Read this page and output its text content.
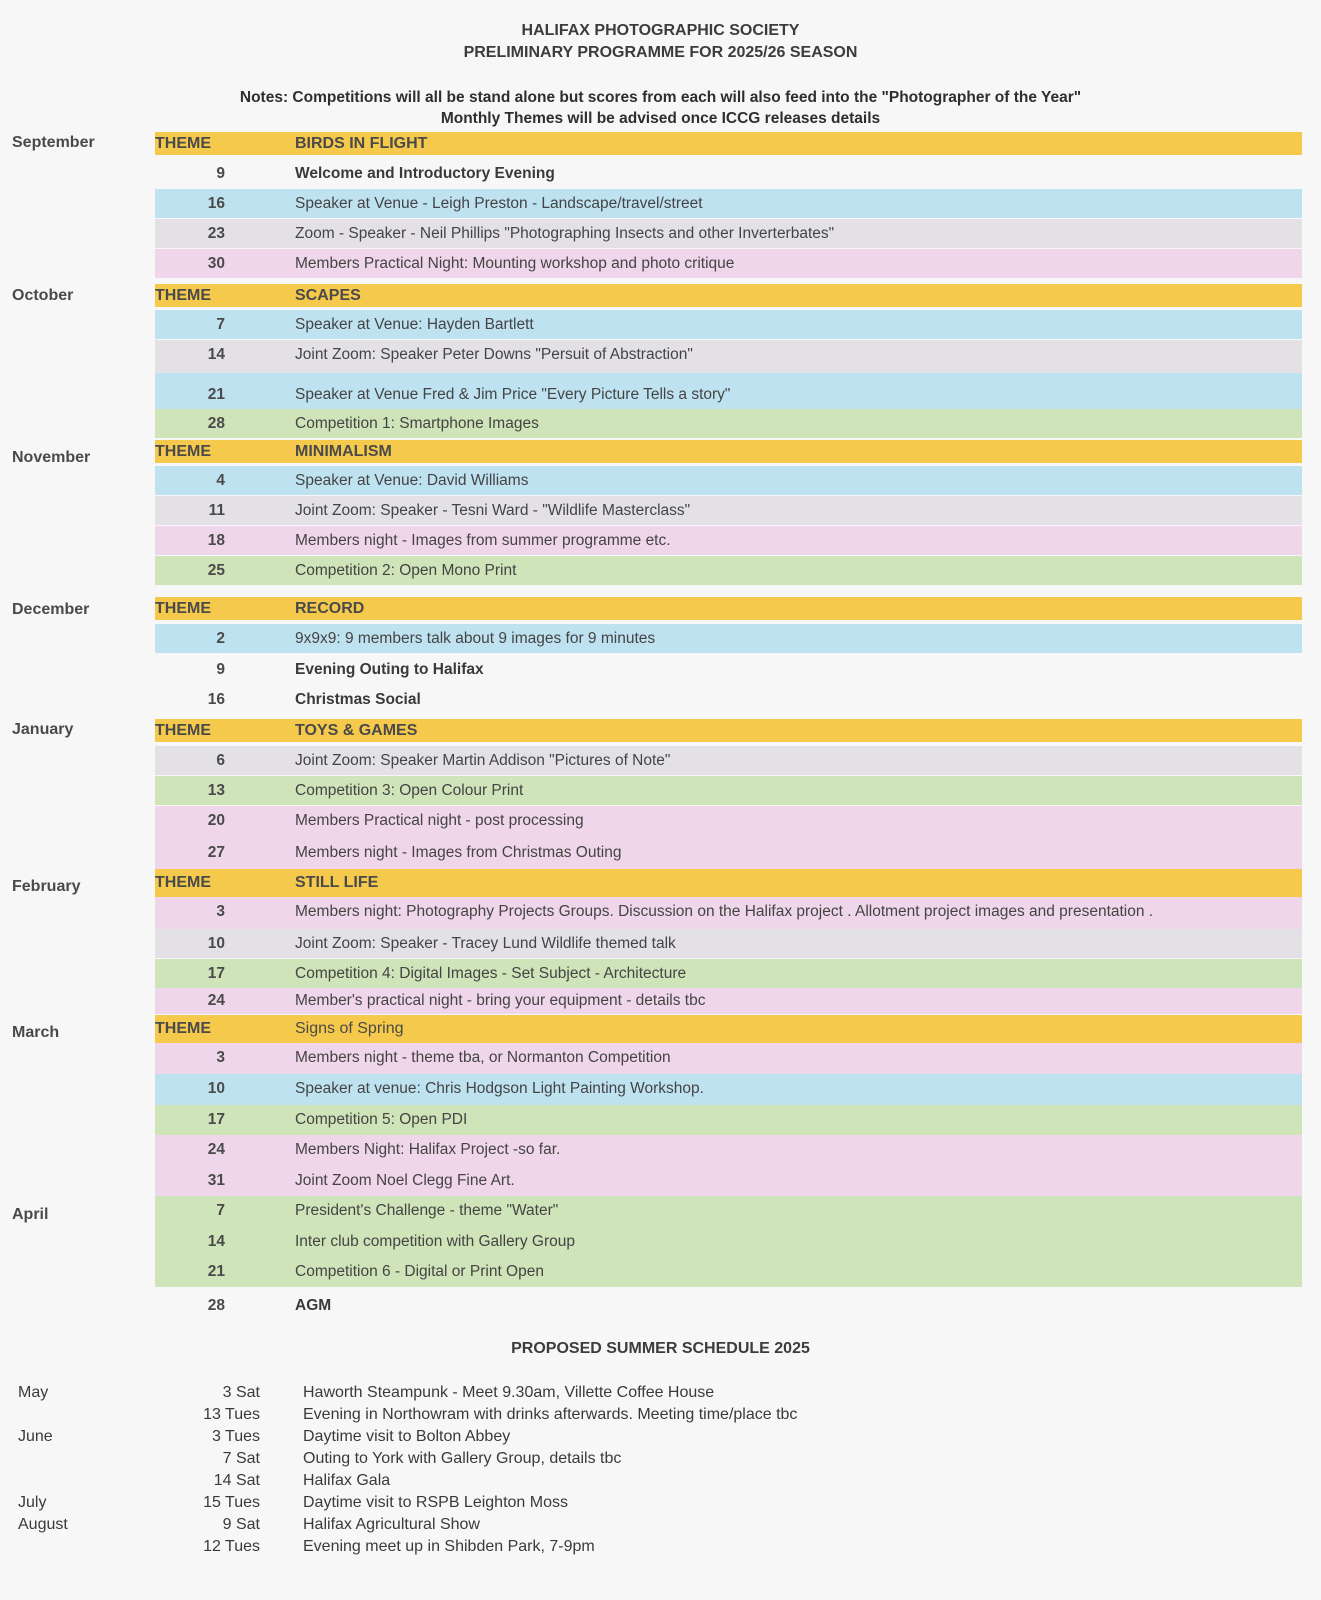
HALIFAX PHOTOGRAPHIC SOCIETY
PRELIMINARY PROGRAMME FOR 2025/26 SEASON
Notes: Competitions will all be stand alone but scores from each will also feed into the "Photographer of the Year"
Monthly Themes will be advised once ICCG releases details
September	THEME	BIRDS IN FLIGHT
9	Welcome and Introductory Evening
16	Speaker at Venue - Leigh Preston - Landscape/travel/street
23	Zoom - Speaker - Neil Phillips "Photographing Insects and other Inverterbates"
30	Members Practical Night: Mounting workshop and photo critique
October	THEME	SCAPES
7	Speaker at Venue: Hayden Bartlett
14	Joint Zoom: Speaker Peter Downs "Persuit of Abstraction"
21	Speaker at Venue Fred & Jim Price "Every Picture Tells a story"
28	Competition 1: Smartphone Images
November	THEME	MINIMALISM
4	Speaker at Venue: David Williams
11	Joint Zoom: Speaker - Tesni Ward - "Wildlife Masterclass"
18	Members night - Images from summer programme etc.
25	Competition 2: Open Mono Print
December	THEME	RECORD
2	9x9x9: 9 members talk about 9 images for 9 minutes
9	Evening Outing to Halifax
16	Christmas Social
January	THEME	TOYS & GAMES
6	Joint Zoom: Speaker Martin Addison "Pictures of Note"
13	Competition 3: Open Colour Print
20	Members Practical night - post processing
27	Members night - Images from Christmas Outing
February	THEME	STILL LIFE
3	Members night: Photography Projects Groups. Discussion on the Halifax project . Allotment project images and presentation .
10	Joint Zoom: Speaker - Tracey Lund Wildlife themed talk
17	Competition 4: Digital Images - Set Subject - Architecture
24	Member's practical night - bring your equipment - details tbc
March	THEME	Signs of Spring
3	Members night - theme tba, or Normanton Competition
10	Speaker at venue: Chris Hodgson Light Painting Workshop.
17	Competition 5: Open PDI
24	Members Night: Halifax Project -so far.
31	Joint Zoom Noel Clegg Fine Art.
April	7	President's Challenge - theme "Water"
14	Inter club competition with Gallery Group
21	Competition 6 - Digital or Print Open
28	AGM
PROPOSED SUMMER SCHEDULE 2025
May	3 Sat	Haworth Steampunk - Meet 9.30am, Villette Coffee House
13 Tues	Evening in Northowram with drinks afterwards. Meeting time/place tbc
June	3 Tues	Daytime visit to Bolton Abbey
7 Sat	Outing to York with Gallery Group, details tbc
14 Sat	Halifax Gala
July	15 Tues	Daytime visit to RSPB Leighton Moss
August	9 Sat	Halifax Agricultural Show
12 Tues	Evening meet up in Shibden Park, 7-9pm
